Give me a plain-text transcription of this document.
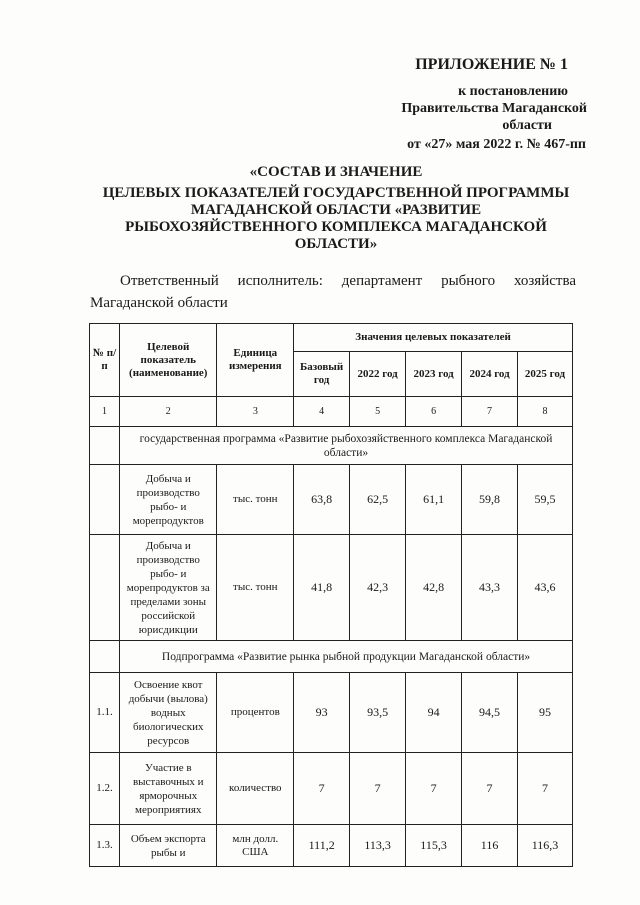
ПРИЛОЖЕНИЕ № 1
к постановлению
Правительства Магаданской
области
от «27» мая 2022 г. № 467-пп
«СОСТАВ И ЗНАЧЕНИЕ
ЦЕЛЕВЫХ ПОКАЗАТЕЛЕЙ ГОСУДАРСТВЕННОЙ ПРОГРАММЫ
МАГАДАНСКОЙ ОБЛАСТИ «РАЗВИТИЕ
РЫБОХОЗЯЙСТВЕННОГО КОМПЛЕКСА МАГАДАНСКОЙ
ОБЛАСТИ»
Ответственный исполнитель: департамент рыбного хозяйства
Магаданской области
№ п/п	Целевой показатель (наименование)	Единица измерения	Значения целевых показателей				
			Базовый год	2022 год	2023 год	2024 год	2025 год
1	2	3	4	5	6	7	8
	государственная программа «Развитие рыбохозяйственного комплекса Магаданской области»						
	Добыча и производство рыбо- и морепродуктов	тыс. тонн	63,8	62,5	61,1	59,8	59,5
	Добыча и производство рыбо- и морепродуктов за пределами зоны российской юрисдикции	тыс. тонн	41,8	42,3	42,8	43,3	43,6
	Подпрограмма «Развитие рынка рыбной продукции Магаданской области»						
1.1.	Освоение квот добычи (вылова) водных биологических ресурсов	процентов	93	93,5	94	94,5	95
1.2.	Участие в выставочных и ярморочных мероприятиях	количество	7	7	7	7	7
1.3.	Объем экспорта рыбы и	млн долл. США	111,2	113,3	115,3	116	116,3
